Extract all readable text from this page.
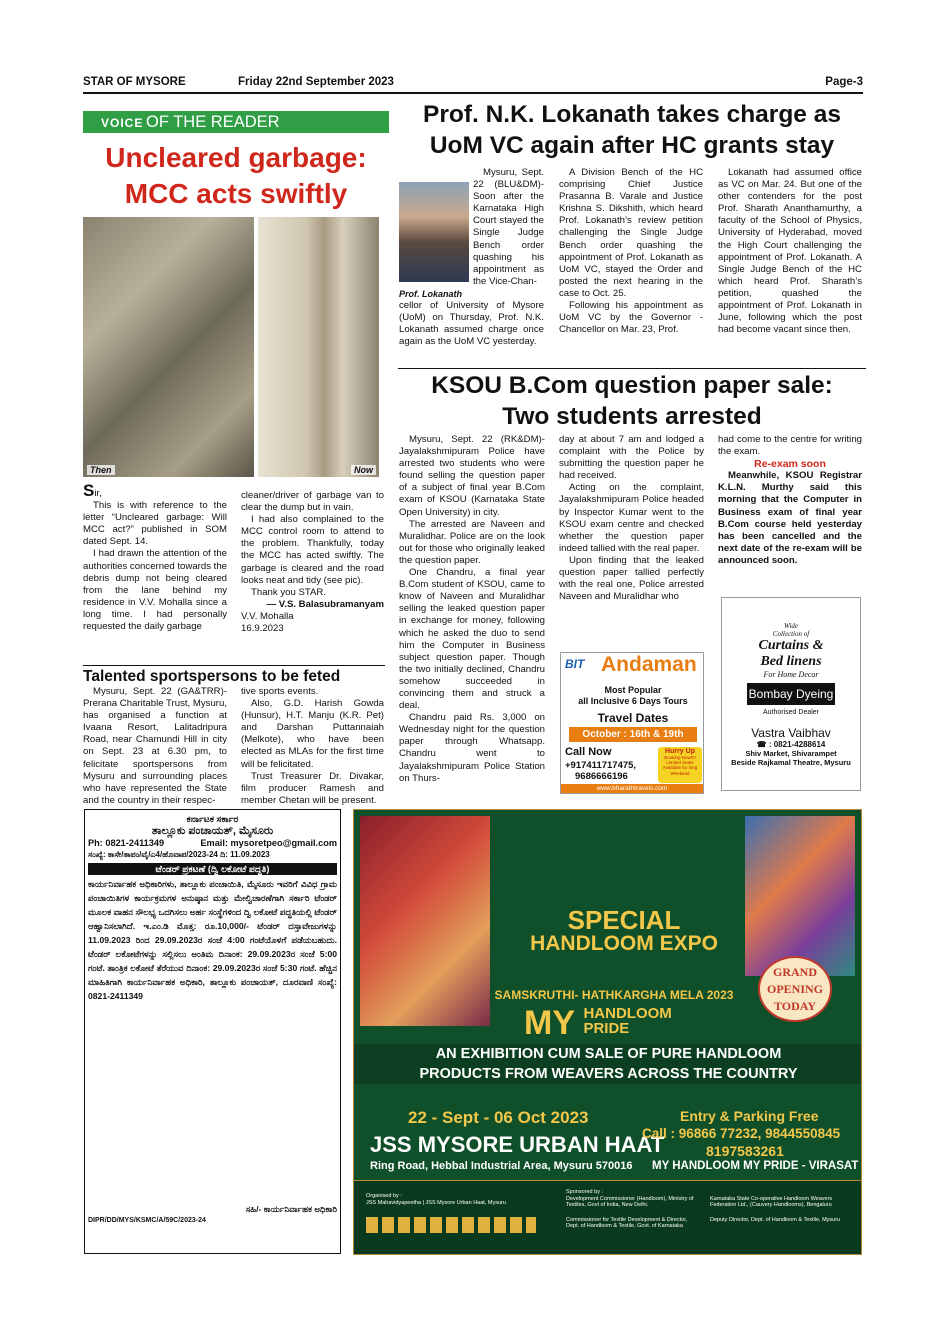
STAR OF MYSORE	Friday 22nd September 2023	Page-3
VOICE OF THE READER
Uncleared garbage:
MCC acts swiftly
Then	Now

Sir,

This is with reference to the letter “Uncleared garbage: Will MCC act?” published in SOM dated Sept. 14.

I had drawn the attention of the authorities concerned towards the debris dump not being cleared from the lane behind my residence in V.V. Mohalla since a long time. I had personally requested the daily garbage

cleaner/driver of garbage van to clear the dump but in vain.

I had also complained to the MCC control room to attend to the problem. Thankfully, today the MCC has acted swiftly. The garbage is cleared and the road looks neat and tidy (see pic).

Thank you STAR.

— V.S. Balasubramanyam

V.V. Mohalla

16.9.2023

Talented sportspersons to be feted

Mysuru, Sept. 22 (GA&TRR)- Prerana Charitable Trust, Mysuru, has organised a function at Ivaana Resort, Lalitadripura Road, near Chamundi Hill in city on Sept. 23 at 6.30 pm, to felicitate sportspersons from Mysuru and surrounding places who have represented the State and the country in their respec-

tive sports events.

Also, G.D. Harish Gowda (Hunsur), H.T. Manju (K.R. Pet) and Darshan Puttannaiah (Melkote), who have been elected as MLAs for the first time will be felicitated.

Trust Treasurer Dr. Divakar, film producer Ramesh and member Chetan will be present.

Prof. N.K. Lokanath takes charge as
UoM VC again after HC grants stay
Prof. Lokanath

Mysuru, Sept. 22 (BLU&DM)- Soon after the Karnataka High Court stayed the Single Judge Bench order quashing his appointment as the Vice-Chan-

cellor of University of Mysore (UoM) on Thursday, Prof. N.K. Lokanath assumed charge once again as the UoM VC yesterday.

A Division Bench of the HC comprising Chief Justice Prasanna B. Varale and Justice Krishna S. Dikshith, which heard Prof. Lokanath’s review petition challenging the Single Judge Bench order quashing the appointment of Prof. Lokanath as UoM VC, stayed the Order and posted the next hearing in the case to Oct. 25.

Following his appointment as UoM VC by the Governor - Chancellor on Mar. 23, Prof.

Lokanath had assumed office as VC on Mar. 24. But one of the other contenders for the post Prof. Sharath Ananthamurthy, a faculty of the School of Physics, University of Hyderabad, moved the High Court challenging the appointment of Prof. Lokanath. A Single Judge Bench of the HC which heard Prof. Sharath’s petition, quashed the appointment of Prof. Lokanath in June, following which the post had become vacant since then.

KSOU B.Com question paper sale:
Two students arrested

Mysuru, Sept. 22 (RK&DM)- Jayalakshmipuram Police have arrested two students who were found selling the question paper of a subject of final year B.Com exam of KSOU (Karnataka State Open University) in city.

The arrested are Naveen and Muralidhar. Police are on the look out for those who originally leaked the question paper.

One Chandru, a final year B.Com student of KSOU, came to know of Naveen and Muralidhar selling the leaked question paper in exchange for money, following which he asked the duo to send him the Computer in Business subject question paper. Though the two initially declined, Chandru somehow succeeded in convincing them and struck a deal.

Chandru paid Rs. 3,000 on Wednesday night for the question paper through Whatsapp. Chandru went to Jayalakshmipuram Police Station on Thurs-

day at about 7 am and lodged a complaint with the Police by submitting the question paper he had received.

Acting on the complaint, Jayalakshmipuram Police headed by Inspector Kumar went to the KSOU exam centre and checked whether the question paper indeed tallied with the real paper.

Upon finding that the leaked question paper tallied perfectly with the real one, Police arrested Naveen and Muralidhar who

had come to the centre for writing the exam.

Re-exam soon

Meanwhile, KSOU Registrar K.L.N. Murthy said this morning that the Computer in Business exam of final year B.Com course held yesterday has been cancelled and the next date of the re-exam will be announced soon.

BIT Andaman
Most Popular
all Inclusive 6 Days Tours
Travel Dates
October : 16th & 19th
Call Now
+917411717475,
9686666196
Hurry Up
Booking Now!!!! Limited Seats Available for long Weekend
www.bharathtravels.com
Wide
Collection of
Curtains &
Bed linens
For Home Decor
Bombay Dyeing
Authorised Dealer
Vastra Vaibhav
☎ : 0821-4288614
Shiv Market, Shivarampet
Beside Rajkamal Theatre, Mysuru
ಕರ್ನಾಟಕ ಸರ್ಕಾರ
ತಾಲ್ಲೂಕು ಪಂಚಾಯತ್, ಮೈಸೂರು
Ph: 0821-2411349	Email: mysoretpeo@gmail.com
ಸಂಖ್ಯೆ: ಕಾಸೇ/ತಾಪಂ/ವೈ/ಎ4/ಹೊವಾಪ/2023-24 ದಿ: 11.09.2023
ಟೆಂಡರ್ ಪ್ರಕಟಣೆ (ದ್ವಿ ಲಕೋಟೆ ಪದ್ಧತಿ)
ಕಾರ್ಯನಿರ್ವಾಹಕ ಅಧಿಕಾರಿಗಳು, ತಾಲ್ಲೂಕು ಪಂಚಾಯಿತಿ, ಮೈಸೂರು ಇವರಿಗೆ ವಿವಿಧ ಗ್ರಾಮ ಪಂಚಾಯಿತಿಗಳ ಕಾರ್ಯಕ್ರಮಗಳ ಅನುಷ್ಠಾನ ಮತ್ತು ಮೇಲ್ವಿಚಾರಣೆಗಾಗಿ ಸರ್ಕಾರಿ ಟೆಂಡರ್ ಮೂಲಕ ವಾಹನ ಸೌಲಭ್ಯ ಒದಗಿಸಲು ಅರ್ಹ ಸಂಸ್ಥೆಗಳಿಂದ ದ್ವಿ ಲಕೋಟೆ ಪದ್ಧತಿಯಲ್ಲಿ ಟೆಂಡರ್ ಆಹ್ವಾನಿಸಲಾಗಿದೆ. ಇ.ಎಂ.ಡಿ ಮೊತ್ತ: ರೂ.10,000/- ಟೆಂಡರ್ ದಸ್ತಾವೇಜುಗಳನ್ನು 11.09.2023 ರಿಂದ 29.09.2023ರ ಸಂಜೆ 4:00 ಗಂಟೆಯೊಳಗೆ ಪಡೆಯಬಹುದು. ಟೆಂಡರ್ ಲಕೋಟೆಗಳನ್ನು ಸಲ್ಲಿಸಲು ಅಂತಿಮ ದಿನಾಂಕ: 29.09.2023ರ ಸಂಜೆ 5:00 ಗಂಟೆ. ತಾಂತ್ರಿಕ ಲಕೋಟೆ ತೆರೆಯುವ ದಿನಾಂಕ: 29.09.2023ರ ಸಂಜೆ 5:30 ಗಂಟೆ. ಹೆಚ್ಚಿನ ಮಾಹಿತಿಗಾಗಿ ಕಾರ್ಯನಿರ್ವಾಹಕ ಅಧಿಕಾರಿ, ತಾಲ್ಲೂಕು ಪಂಚಾಯತ್, ದೂರವಾಣಿ ಸಂಖ್ಯೆ: 0821-2411349
ಸಹಿ/- ಕಾರ್ಯನಿರ್ವಾಹಕ ಅಧಿಕಾರಿ
DIPR/DD/MYS/KSMC/A/59C/2023-24
SPECIAL
HANDLOOM EXPO
SAMSKRUTHI- HATHKARGHA MELA 2023
MY HANDLOOM
PRIDE
GRAND
OPENING
TODAY
AN EXHIBITION CUM SALE OF PURE HANDLOOM
PRODUCTS FROM WEAVERS ACROSS THE COUNTRY
22 - Sept - 06 Oct 2023
JSS MYSORE URBAN HAAT
Ring Road, Hebbal Industrial Area, Mysuru 570016
Entry & Parking Free
Call : 96866 77232, 9844550845
8197583261
MY HANDLOOM MY PRIDE - VIRASAT
Organised by :
JSS Mahavidyapeetha | JSS Mysore Urban Haat, Mysuru
Sponsored by :
Development Commissioner (Handloom), Ministry of Textiles, Govt of India, New Delhi.
Commissioner for Textile Development & Director, Dept. of Handloom & Textile, Govt. of Karnataka
Karnataka State Co-operative Handloom Weavers Federation Ltd., (Cauvery Handlooms), Bengaluru
Deputy Director, Dept. of Handloom & Textile, Mysuru
